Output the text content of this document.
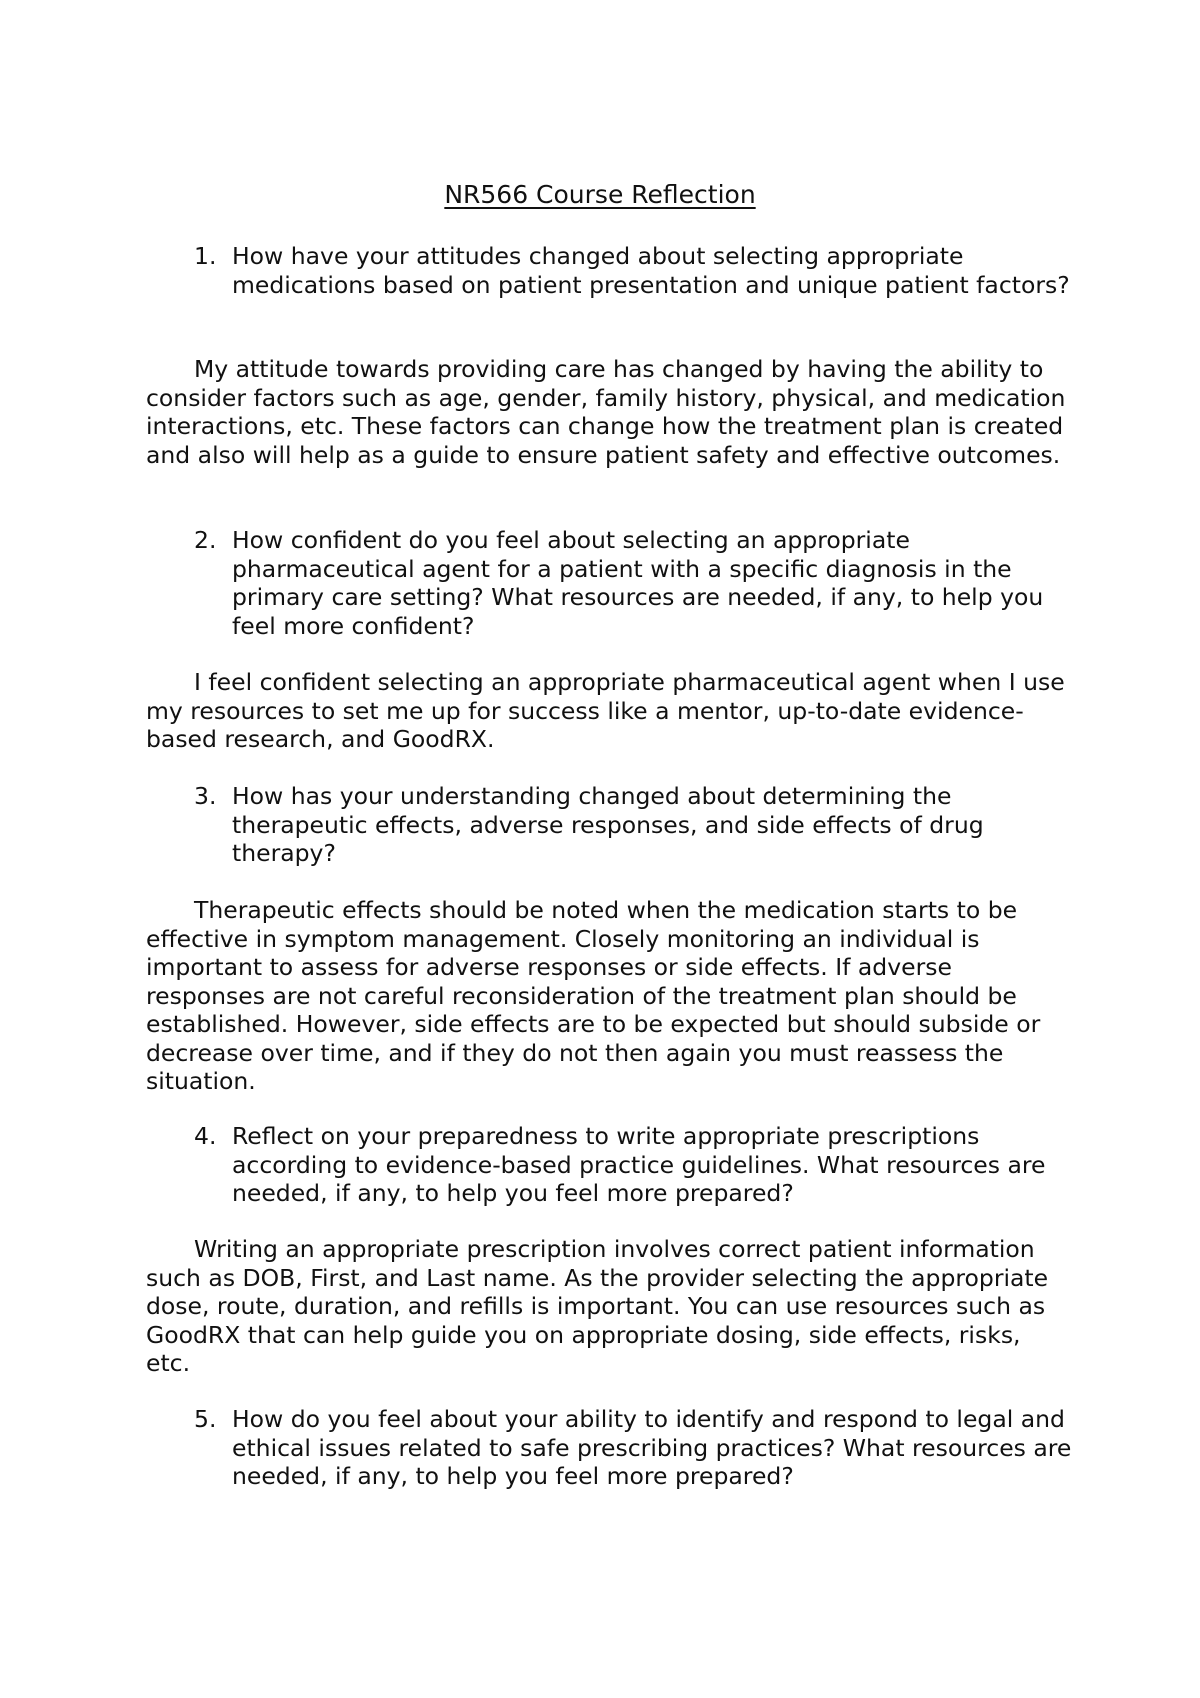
NR566 Course Reflection
1. How have your attitudes changed about selecting appropriate medications based on patient presentation and unique patient factors?
My attitude towards providing care has changed by having the ability to consider factors such as age, gender, family history, physical, and medication interactions, etc. These factors can change how the treatment plan is created and also will help as a guide to ensure patient safety and effective outcomes.
2. How confident do you feel about selecting an appropriate pharmaceutical agent for a patient with a specific diagnosis in the primary care setting? What resources are needed, if any, to help you feel more confident?
I feel confident selecting an appropriate pharmaceutical agent when I use my resources to set me up for success like a mentor, up-to-date evidence-based research, and GoodRX.
3. How has your understanding changed about determining the therapeutic effects, adverse responses, and side effects of drug therapy?
Therapeutic effects should be noted when the medication starts to be effective in symptom management. Closely monitoring an individual is important to assess for adverse responses or side effects. If adverse responses are not careful reconsideration of the treatment plan should be established. However, side effects are to be expected but should subside or decrease over time, and if they do not then again you must reassess the situation.
4. Reflect on your preparedness to write appropriate prescriptions according to evidence-based practice guidelines. What resources are needed, if any, to help you feel more prepared?
Writing an appropriate prescription involves correct patient information such as DOB, First, and Last name. As the provider selecting the appropriate dose, route, duration, and refills is important. You can use resources such as GoodRX that can help guide you on appropriate dosing, side effects, risks, etc.
5. How do you feel about your ability to identify and respond to legal and ethical issues related to safe prescribing practices? What resources are needed, if any, to help you feel more prepared?
